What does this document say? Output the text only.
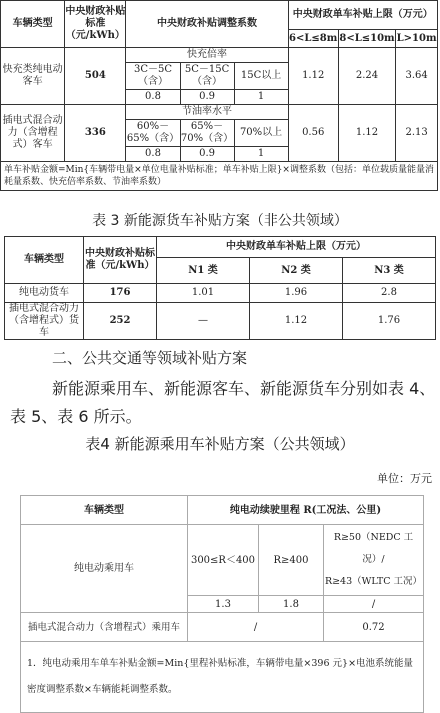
车辆类型	中央财政补贴标准（元/kWh）	中央财政补贴调整系数			中央财政单车补贴上限（万元）		
					6<L≤8m	8<L≤10m	L>10m
快充类纯电动客车	504	快充倍率			1.12	2.24	3.64
		3C－5C（含）	5C－15C（含）	15C以上			
		0.8	0.9	1			
插电式混合动力（含增程式）客车	336	节油率水平			0.56	1.12	2.13
		60%－65%（含）	65%－70%（含）	70%以上			
		0.8	0.9	1			
单车补贴金额=Min{车辆带电量×单位电量补贴标准；单车补贴上限}×调整系数（包括：单位载质量能量消耗量系数、快充倍率系数、节油率系数）							
表 3 新能源货车补贴方案（非公共领域）
车辆类型	中央财政补贴标准（元/kWh）	中央财政单车补贴上限（万元）		
		N1 类	N2 类	N3 类
纯电动货车	176	1.01	1.96	2.8
插电式混合动力（含增程式）货车	252	—	1.12	1.76
二、公共交通等领域补贴方案
新能源乘用车、新能源客车、新能源货车分别如表 4、
表 5、表 6 所示。
表4 新能源乘用车补贴方案（公共领域）
单位：万元
车辆类型	纯电动续驶里程 R(工况法、公里)		
纯电动乘用车	300≤R＜400	R≥400	R≥50（NEDC 工况）/
R≥43（WLTC 工况）

	1.3	1.8	/
插电式混合动力（含增程式）乘用车	/		0.72
1．纯电动乘用车单车补贴金额=Min{里程补贴标准，车辆带电量×396 元}×电池系统能量密度调整系数×车辆能耗调整系数。			
